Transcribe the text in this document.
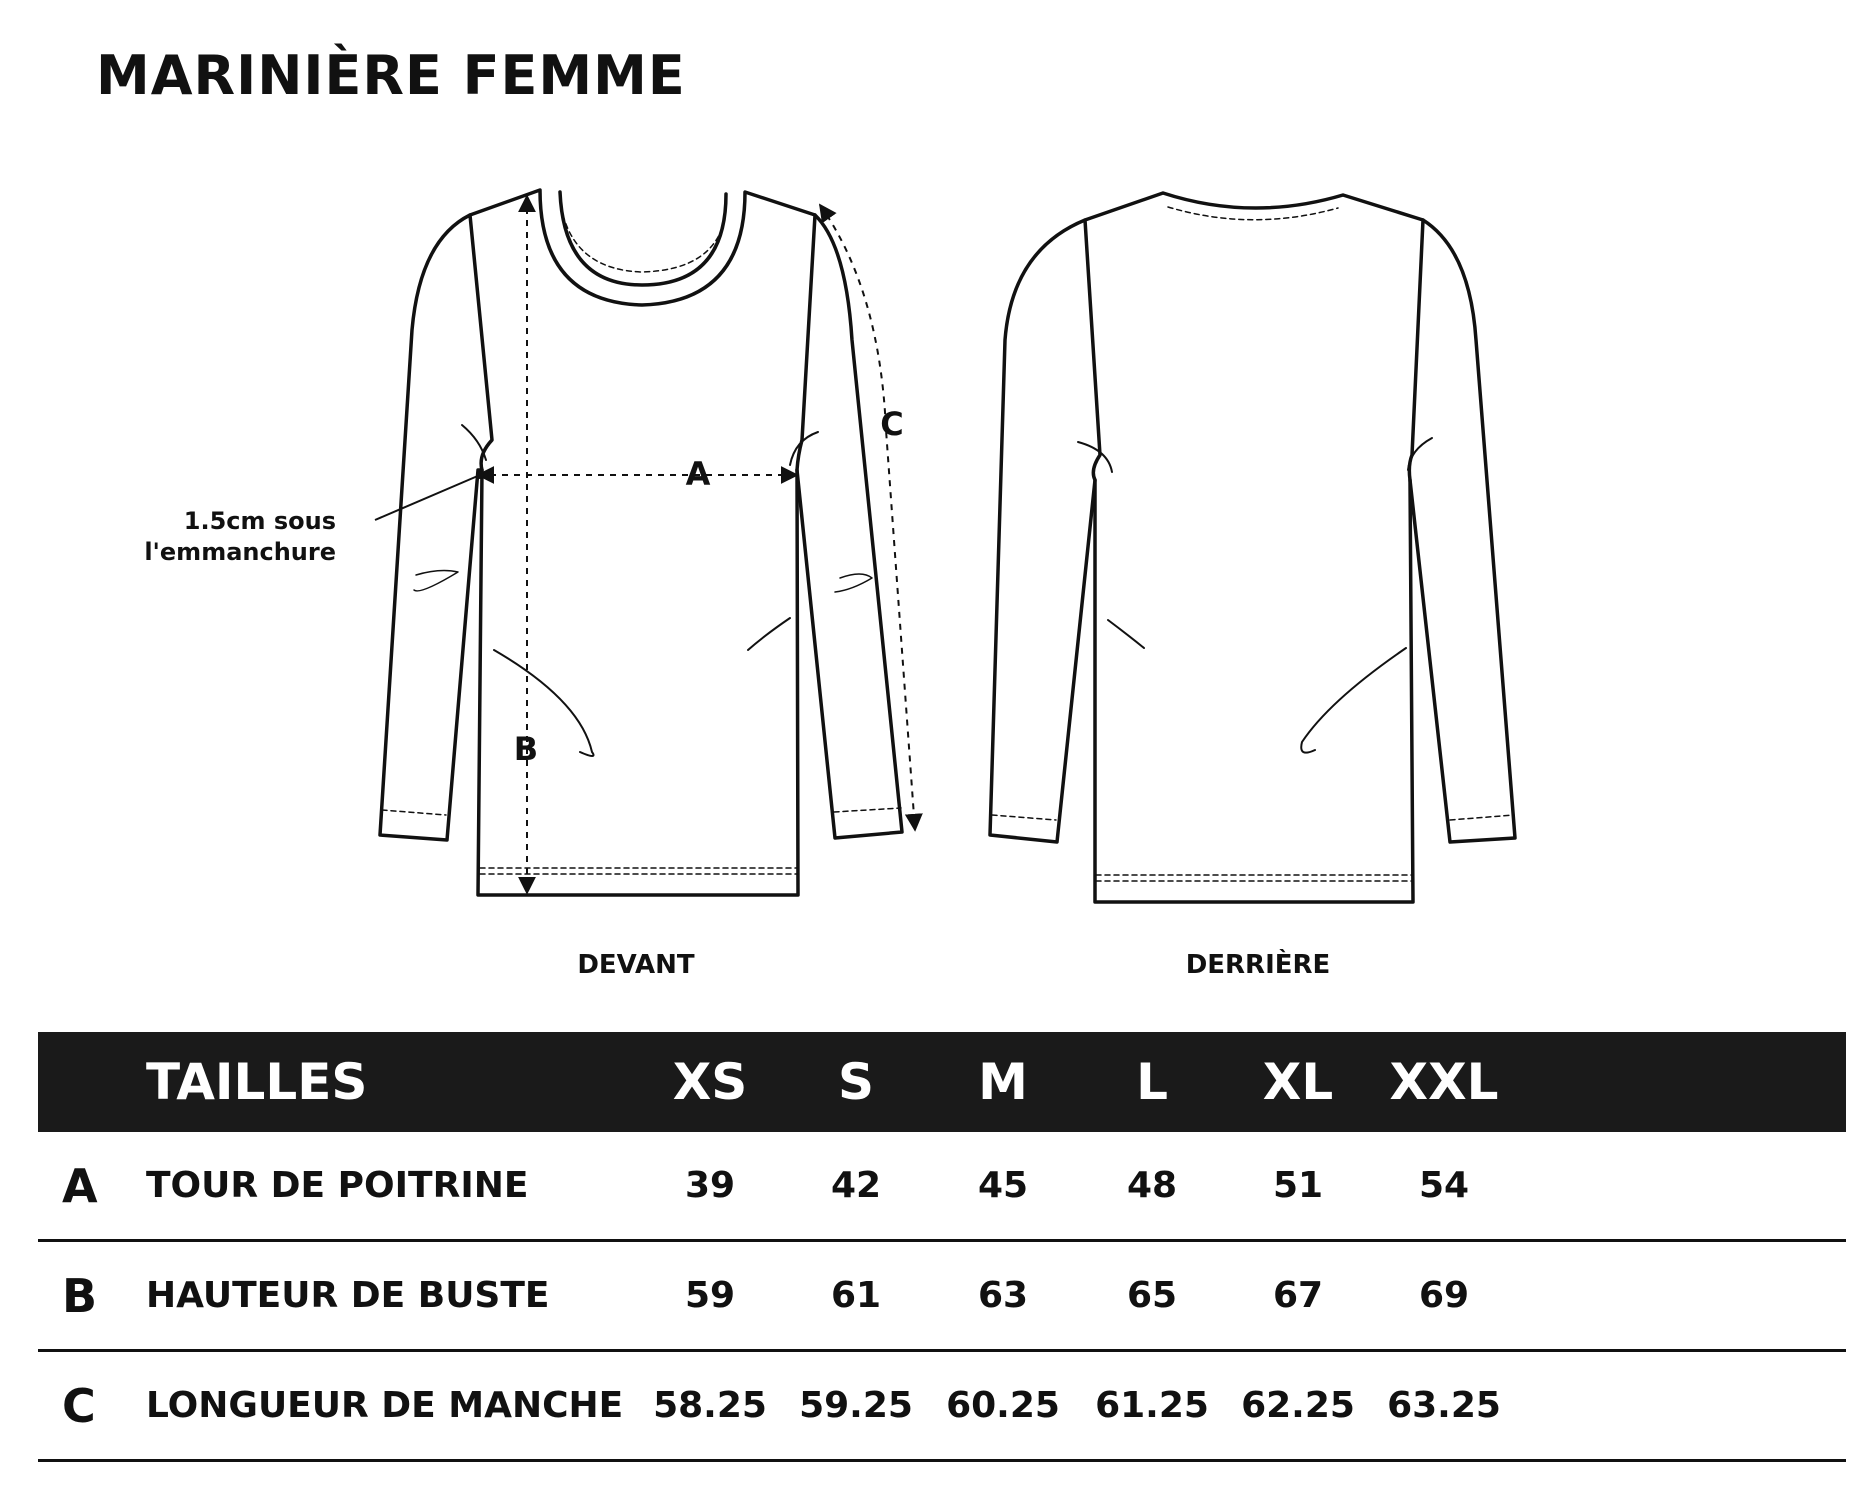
MARINIÈRE FEMME
A
B
C
1.5cm sous
l'emmanchure
DEVANT	DERRIÈRE
TAILLES	XS	S	M	L	XL	XXL
A TOUR DE POITRINE	39	42	45	48	51	54
B HAUTEUR DE BUSTE	59	61	63	65	67	69
C LONGUEUR DE MANCHE 58.25 59.25 60.25 61.25 62.25 63.25
